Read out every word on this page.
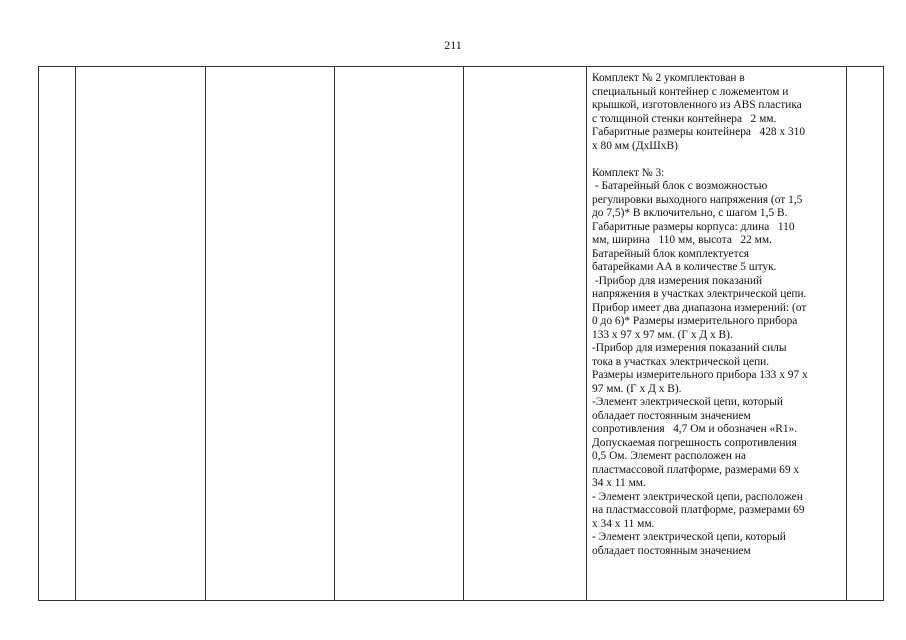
211
Комплект № 2 укомплектован в
специальный контейнер с ложементом и
крышкой, изготовленного из ABS пластика
с толщиной стенки контейнера   2 мм.
Габаритные размеры контейнера   428 х 310
х 80 мм (ДхШхВ)
Комплект № 3:
- Батарейный блок с возможностью
регулировки выходного напряжения (от 1,5
до 7,5)* В включительно, с шагом 1,5 В.
Габаритные размеры корпуса: длина   110
мм, ширина   110 мм, высота   22 мм.
Батарейный блок комплектуется
батарейками АА в количестве 5 штук.
-Прибор для измерения показаний
напряжения в участках электрической цепи.
Прибор имеет два диапазона измерений: (от
0 до 6)* Размеры измерительного прибора
133 х 97 х 97 мм. (Г х Д х В).
-Прибор для измерения показаний силы
тока в участках электрической цепи.
Размеры измерительного прибора 133 х 97 х
97 мм. (Г х Д х В).
-Элемент электрической цепи, который
обладает постоянным значением
сопротивления   4,7 Ом и обозначен «R1».
Допускаемая погрешность сопротивления
0,5 Ом. Элемент расположен на
пластмассовой платформе, размерами 69 х
34 х 11 мм.
- Элемент электрической цепи, расположен
на пластмассовой платформе, размерами 69
х 34 х 11 мм.
- Элемент электрической цепи, который
обладает постоянным значением
